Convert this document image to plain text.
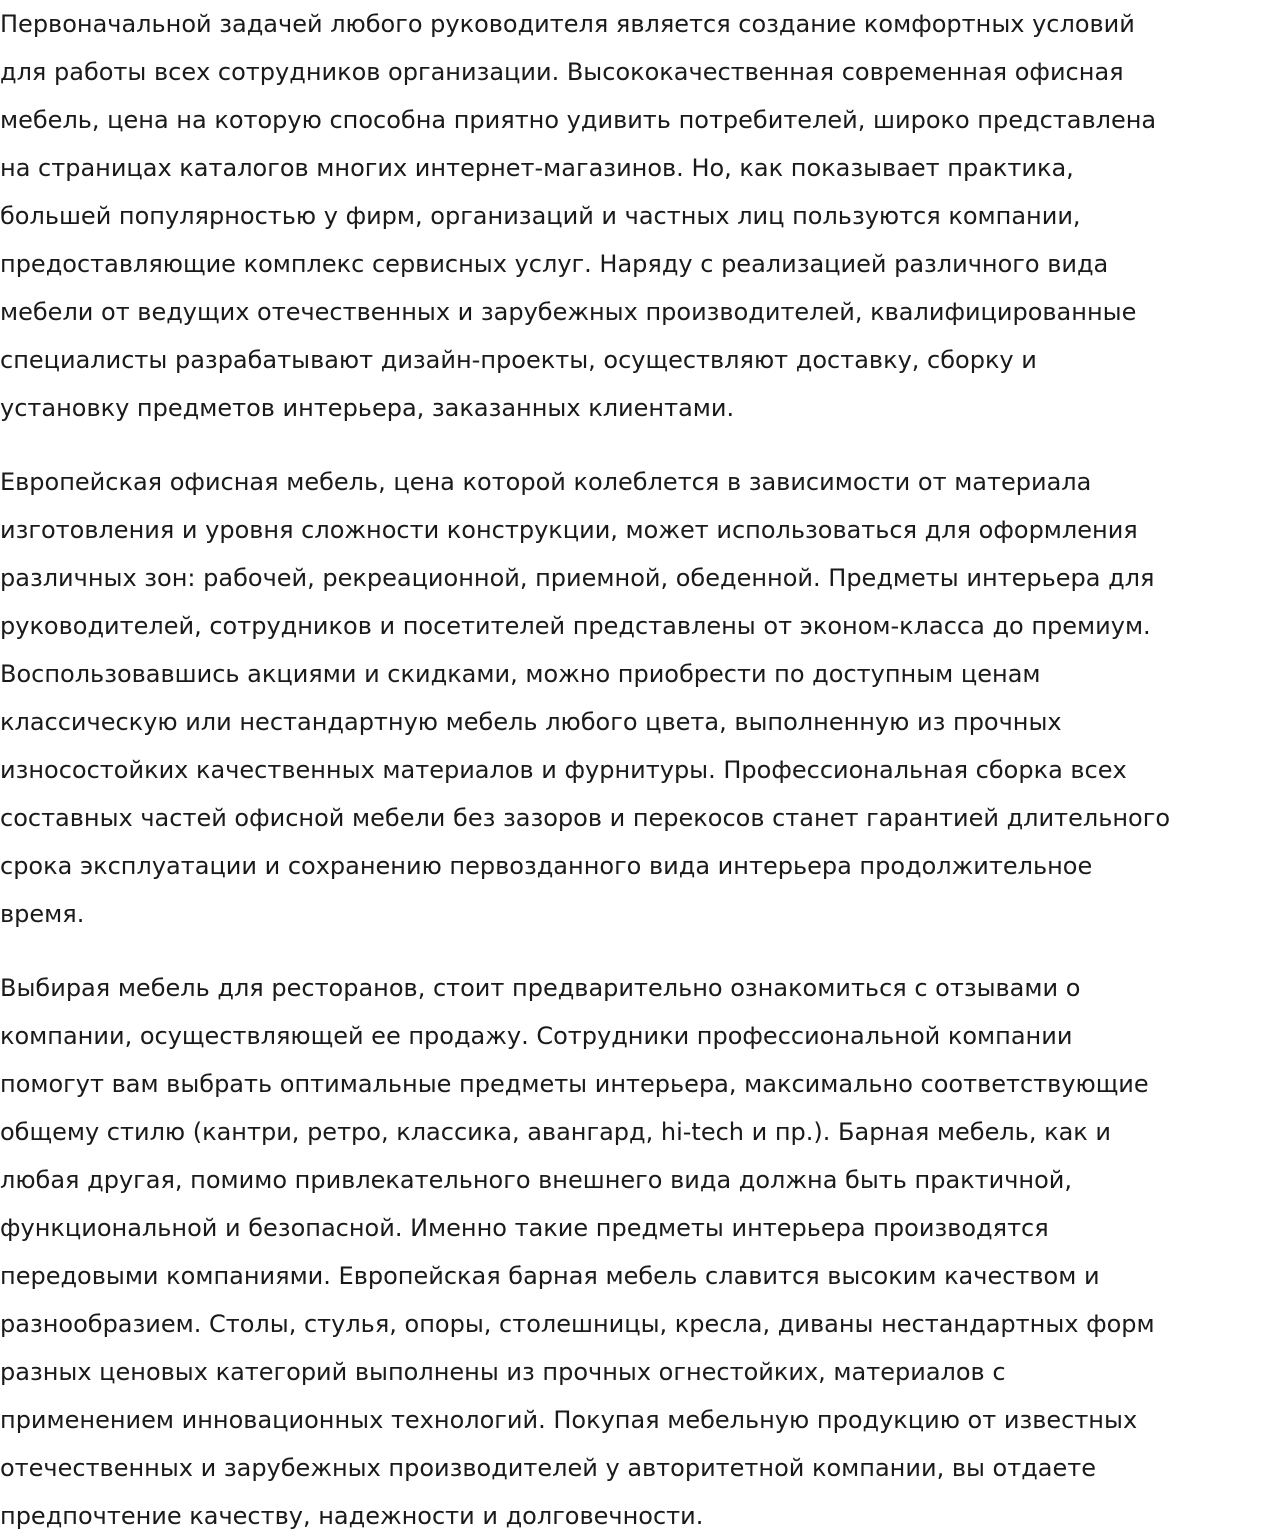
Первоначальной задачей любого руководителя является создание комфортных условий
для работы всех сотрудников организации. Высококачественная современная офисная
мебель, цена на которую способна приятно удивить потребителей, широко представлена
на страницах каталогов многих интернет-магазинов. Но, как показывает практика,
большей популярностью у фирм, организаций и частных лиц пользуются компании,
предоставляющие комплекс сервисных услуг. Наряду с реализацией различного вида
мебели от ведущих отечественных и зарубежных производителей, квалифицированные
специалисты разрабатывают дизайн-проекты, осуществляют доставку, сборку и
установку предметов интерьера, заказанных клиентами.

Европейская офисная мебель, цена которой колеблется в зависимости от материала
изготовления и уровня сложности конструкции, может использоваться для оформления
различных зон: рабочей, рекреационной, приемной, обеденной. Предметы интерьера для
руководителей, сотрудников и посетителей представлены от эконом-класса до премиум.
Воспользовавшись акциями и скидками, можно приобрести по доступным ценам
классическую или нестандартную мебель любого цвета, выполненную из прочных
износостойких качественных материалов и фурнитуры. Профессиональная сборка всех
составных частей офисной мебели без зазоров и перекосов станет гарантией длительного
срока эксплуатации и сохранению первозданного вида интерьера продолжительное
время.

Выбирая мебель для ресторанов, стоит предварительно ознакомиться с отзывами о
компании, осуществляющей ее продажу. Сотрудники профессиональной компании
помогут вам выбрать оптимальные предметы интерьера, максимально соответствующие
общему стилю (кантри, ретро, классика, авангард, hi-tech и пр.). Барная мебель, как и
любая другая, помимо привлекательного внешнего вида должна быть практичной,
функциональной и безопасной. Именно такие предметы интерьера производятся
передовыми компаниями. Европейская барная мебель славится высоким качеством и
разнообразием. Столы, стулья, опоры, столешницы, кресла, диваны нестандартных форм
разных ценовых категорий выполнены из прочных огнестойких, материалов с
применением инновационных технологий. Покупая мебельную продукцию от известных
отечественных и зарубежных производителей у авторитетной компании, вы отдаете
предпочтение качеству, надежности и долговечности.
